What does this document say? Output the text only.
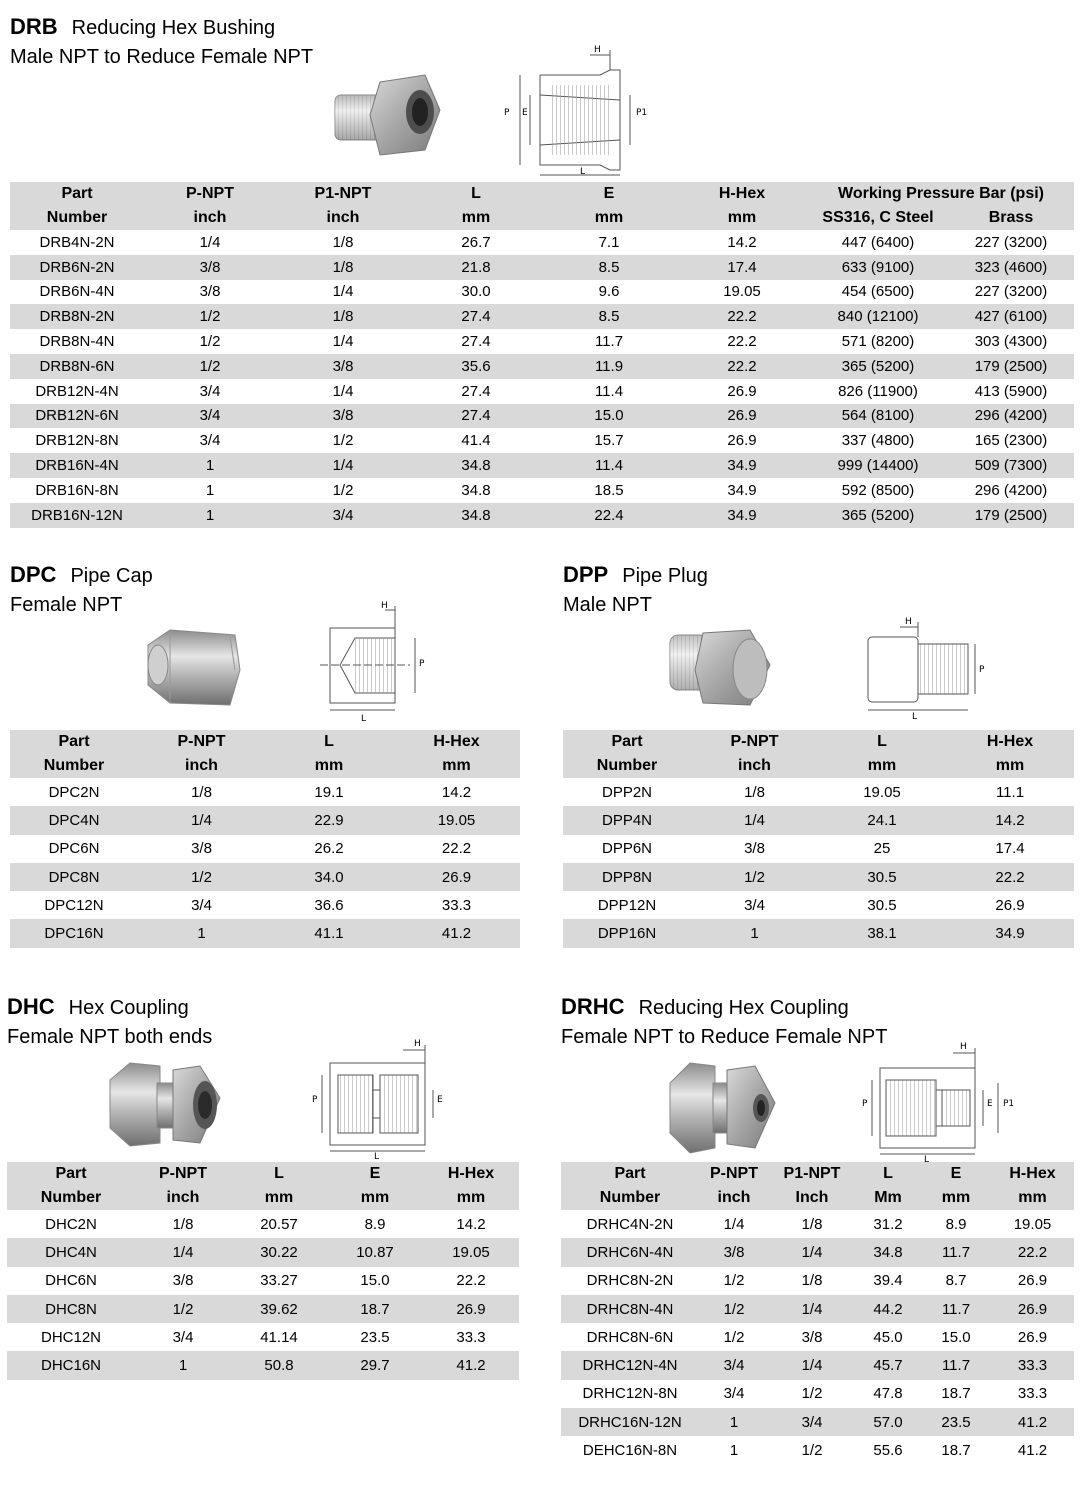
DRB Reducing Hex Bushing
Male NPT to Reduce Female NPT	H
P E	P1
L
Part	P-NPT	P1-NPT	L	E	H-Hex	Working Pressure Bar (psi)	
Number	inch	inch	mm	mm	mm	SS316, C Steel	Brass
DRB4N-2N	1/4	1/8	26.7	7.1	14.2	447 (6400)	227 (3200)
DRB6N-2N	3/8	1/8	21.8	8.5	17.4	633 (9100)	323 (4600)
DRB6N-4N	3/8	1/4	30.0	9.6	19.05	454 (6500)	227 (3200)
DRB8N-2N	1/2	1/8	27.4	8.5	22.2	840 (12100)	427 (6100)
DRB8N-4N	1/2	1/4	27.4	11.7	22.2	571 (8200)	303 (4300)
DRB8N-6N	1/2	3/8	35.6	11.9	22.2	365 (5200)	179 (2500)
DRB12N-4N	3/4	1/4	27.4	11.4	26.9	826 (11900)	413 (5900)
DRB12N-6N	3/4	3/8	27.4	15.0	26.9	564 (8100)	296 (4200)
DRB12N-8N	3/4	1/2	41.4	15.7	26.9	337 (4800)	165 (2300)
DRB16N-4N	1	1/4	34.8	11.4	34.9	999 (14400)	509 (7300)
DRB16N-8N	1	1/2	34.8	18.5	34.9	592 (8500)	296 (4200)
DRB16N-12N	1	3/4	34.8	22.4	34.9	365 (5200)	179 (2500)
DPC Pipe Cap
Female NPT	H
P
L
Part	P-NPT	L	H-Hex
Number	inch	mm	mm
DPC2N	1/8	19.1	14.2
DPC4N	1/4	22.9	19.05
DPC6N	3/8	26.2	22.2
DPC8N	1/2	34.0	26.9
DPC12N	3/4	36.6	33.3
DPC16N	1	41.1	41.2
DPP Pipe Plug
Male NPT
H
P
L
Part	P-NPT	L	H-Hex
Number	inch	mm	mm
DPP2N	1/8	19.05	11.1
DPP4N	1/4	24.1	14.2
DPP6N	3/8	25	17.4
DPP8N	1/2	30.5	22.2
DPP12N	3/4	30.5	26.9
DPP16N	1	38.1	34.9
DHC Hex Coupling
Female NPT both ends	H
P	E
L
Part	P-NPT	L	E	H-Hex
Number	inch	mm	mm	mm
DHC2N	1/8	20.57	8.9	14.2
DHC4N	1/4	30.22	10.87	19.05
DHC6N	3/8	33.27	15.0	22.2
DHC8N	1/2	39.62	18.7	26.9
DHC12N	3/4	41.14	23.5	33.3
DHC16N	1	50.8	29.7	41.2
DRHC Reducing Hex Coupling
Female NPT to Reduce Female NPT	H
P	E P1
L
Part	P-NPT	P1-NPT	L	E	H-Hex
Number	inch	Inch	Mm	mm	mm
DRHC4N-2N	1/4	1/8	31.2	8.9	19.05
DRHC6N-4N	3/8	1/4	34.8	11.7	22.2
DRHC8N-2N	1/2	1/8	39.4	8.7	26.9
DRHC8N-4N	1/2	1/4	44.2	11.7	26.9
DRHC8N-6N	1/2	3/8	45.0	15.0	26.9
DRHC12N-4N	3/4	1/4	45.7	11.7	33.3
DRHC12N-8N	3/4	1/2	47.8	18.7	33.3
DRHC16N-12N	1	3/4	57.0	23.5	41.2
DEHC16N-8N	1	1/2	55.6	18.7	41.2
